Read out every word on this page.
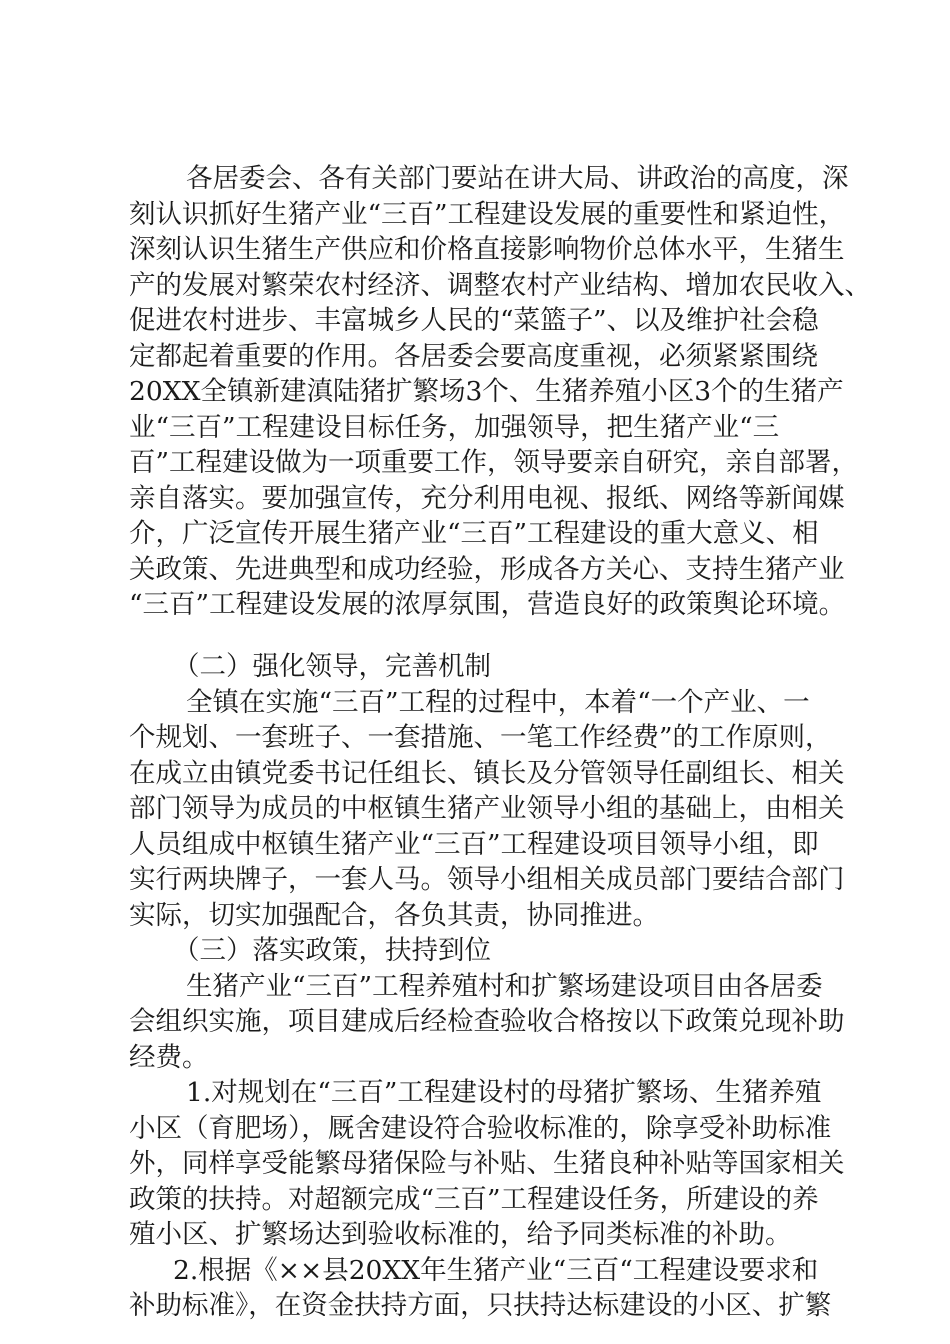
各居委会、各有关部门要站在讲大局、讲政治的高度，深
刻认识抓好生猪产业“三百”工程建设发展的重要性和紧迫性，
深刻认识生猪生产供应和价格直接影响物价总体水平，生猪生
产的发展对繁荣农村经济、调整农村产业结构、增加农民收入、
促进农村进步、丰富城乡人民的“菜篮子”、以及维护社会稳
定都起着重要的作用。各居委会要高度重视，必须紧紧围绕
20XX全镇新建滇陆猪扩繁场3个、生猪养殖小区3个的生猪产
业“三百”工程建设目标任务，加强领导，把生猪产业“三
百”工程建设做为一项重要工作，领导要亲自研究，亲自部署，
亲自落实。要加强宣传，充分利用电视、报纸、网络等新闻媒
介，广泛宣传开展生猪产业“三百”工程建设的重大意义、相
关政策、先进典型和成功经验，形成各方关心、支持生猪产业
“三百”工程建设发展的浓厚氛围，营造良好的政策舆论环境。
（二）强化领导，完善机制
全镇在实施“三百”工程的过程中，本着“一个产业、一
个规划、一套班子、一套措施、一笔工作经费”的工作原则，
在成立由镇党委书记任组长、镇长及分管领导任副组长、相关
部门领导为成员的中枢镇生猪产业领导小组的基础上，由相关
人员组成中枢镇生猪产业“三百”工程建设项目领导小组，即
实行两块牌子，一套人马。领导小组相关成员部门要结合部门
实际，切实加强配合，各负其责，协同推进。
（三）落实政策，扶持到位
生猪产业“三百”工程养殖村和扩繁场建设项目由各居委
会组织实施，项目建成后经检查验收合格按以下政策兑现补助
经费。
1.对规划在“三百”工程建设村的母猪扩繁场、生猪养殖
小区（育肥场），厩舍建设符合验收标准的，除享受补助标准
外，同样享受能繁母猪保险与补贴、生猪良种补贴等国家相关
政策的扶持。对超额完成“三百”工程建设任务，所建设的养
殖小区、扩繁场达到验收标准的，给予同类标准的补助。
2.根据《××县20XX年生猪产业“三百“工程建设要求和
补助标准》，在资金扶持方面，只扶持达标建设的小区、扩繁
